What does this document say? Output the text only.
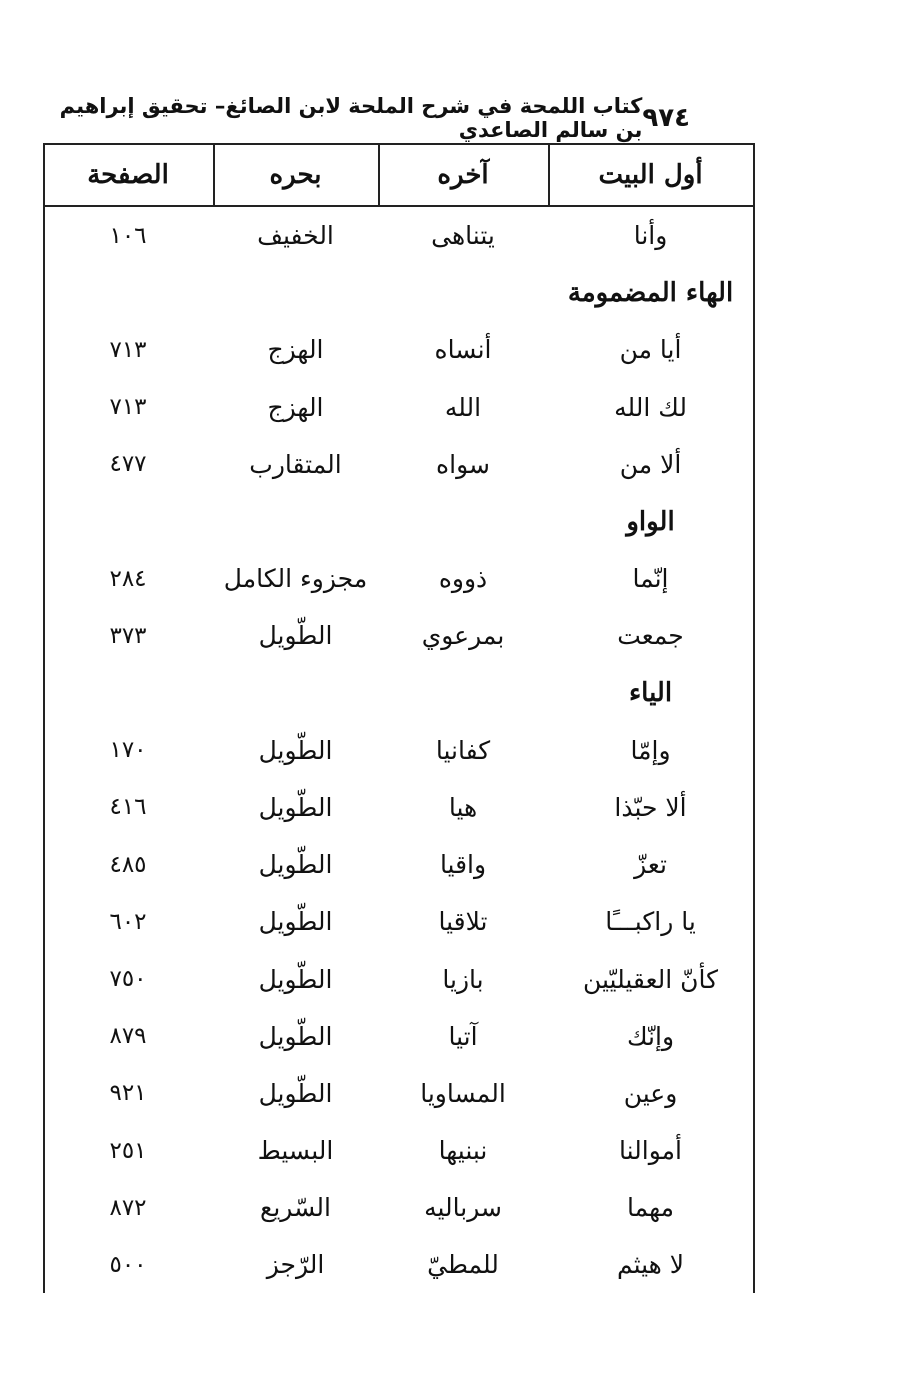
كتاب اللمحة في شرح الملحة لابن الصائغ– تحقيق إبراهيم بن سالم الصاعدي ٩٧٤
أول البيت
آخره
بحره
الصفحة
وأنا
يتناهى
الخفيف
١٠٦
الهاء المضمومة
أيا من
أنساه
الهزج
٧١٣
لك الله
الله
الهزج
٧١٣
ألا من
سواه
المتقارب
٤٧٧
الواو
إنّما
ذووه
مجزوء الكامل
٢٨٤
جمعت
بمرعوي
الطّويل
٣٧٣
الياء
وإمّا
كفانيا
الطّويل
١٧٠
ألا حبّذا
هيا
الطّويل
٤١٦
تعزّ
واقيا
الطّويل
٤٨٥
يا راكبـــًا
تلاقيا
الطّويل
٦٠٢
كأنّ العقيليّين
بازيا
الطّويل
٧٥٠
وإنّك
آتيا
الطّويل
٨٧٩
وعين
المساويا
الطّويل
٩٢١
أموالنا
نبنيها
البسيط
٢٥١
مهما
سرباليه
السّريع
٨٧٢
لا هيثم
للمطيّ
الرّجز
٥٠٠
